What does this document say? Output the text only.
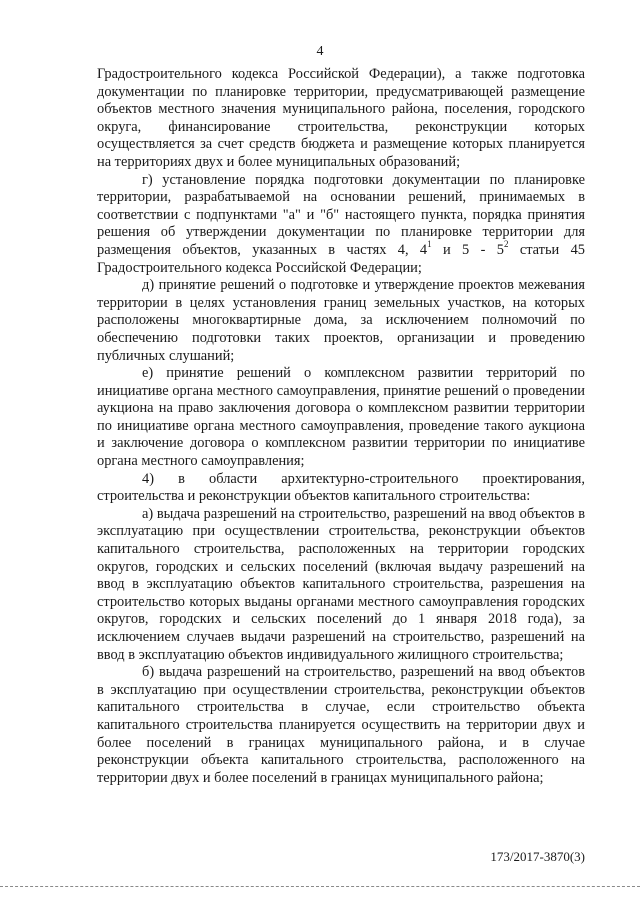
4

Градостроительного кодекса Российской Федерации), а также подготовка документации по планировке территории, предусматривающей размещение объектов местного значения муниципального района, поселения, городского округа, финансирование строительства, реконструкции которых осуществляется за счет средств бюджета и размещение которых планируется на территориях двух и более муниципальных образований;

г) установление порядка подготовки документации по планировке территории, разрабатываемой на основании решений, принимаемых в соответствии с подпунктами "а" и "б" настоящего пункта, порядка принятия решения об утверждении документации по планировке территории для размещения объектов, указанных в частях 4, $4^1$ и $5 - 5^2$ статьи 45 Градостроительного кодекса Российской Федерации;

д) принятие решений о подготовке и утверждение проектов межевания территории в целях установления границ земельных участков, на которых расположены многоквартирные дома, за исключением полномочий по обеспечению подготовки таких проектов, организации и проведению публичных слушаний;

е) принятие решений о комплексном развитии территорий по инициативе органа местного самоуправления, принятие решений о проведении аукциона на право заключения договора о комплексном развитии территории по инициативе органа местного самоуправления, проведение такого аукциона и заключение договора о комплексном развитии территории по инициативе органа местного самоуправления;

4) в области архитектурно-строительного проектирования, строительства и реконструкции объектов капитального строительства:

а) выдача разрешений на строительство, разрешений на ввод объектов в эксплуатацию при осуществлении строительства, реконструкции объектов капитального строительства, расположенных на территории городских округов, городских и сельских поселений (включая выдачу разрешений на ввод в эксплуатацию объектов капитального строительства, разрешения на строительство которых выданы органами местного самоуправления городских округов, городских и сельских поселений до 1 января 2018 года), за исключением случаев выдачи разрешений на строительство, разрешений на ввод в эксплуатацию объектов индивидуального жилищного строительства;

б) выдача разрешений на строительство, разрешений на ввод объектов в эксплуатацию при осуществлении строительства, реконструкции объектов капитального строительства в случае, если строительство объекта капитального строительства планируется осуществить на территории двух и более поселений в границах муниципального района, и в случае реконструкции объекта капитального строительства, расположенного на территории двух и более поселений в границах муниципального района;

173/2017-3870(3)
